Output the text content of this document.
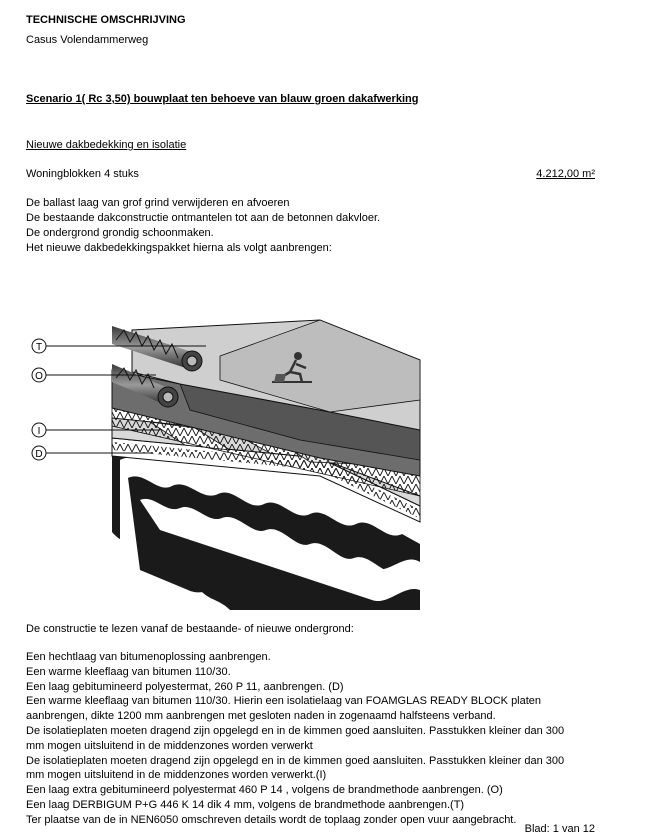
TECHNISCHE OMSCHRIJVING
Casus Volendammerweg
Scenario 1( Rc 3,50) bouwplaat ten behoeve van blauw groen dakafwerking
Nieuwe dakbedekking en isolatie
Woningblokken 4 stuks	4.212,00 m²
De ballast laag van grof grind verwijderen en afvoeren
De bestaande dakconstructie ontmantelen tot aan de betonnen dakvloer.
De ondergrond grondig schoonmaken.
Het nieuwe dakbedekkingspakket hierna als volgt aanbrengen:
T
O
I
D
De constructie te lezen vanaf de bestaande- of nieuwe ondergrond:
Een hechtlaag van bitumenoplossing aanbrengen.
Een warme kleeflaag van bitumen 110/30.
Een laag gebitumineerd polyestermat, 260 P 11, aanbrengen. (D)
Een warme kleeflaag van bitumen 110/30. Hierin een isolatielaag van FOAMGLAS READY BLOCK platen
aanbrengen, dikte 1200 mm aanbrengen met gesloten naden in zogenaamd halfsteens verband.
De isolatieplaten moeten dragend zijn opgelegd en in de kimmen goed aansluiten. Passtukken kleiner dan 300
mm mogen uitsluitend in de middenzones worden verwerkt
De isolatieplaten moeten dragend zijn opgelegd en in de kimmen goed aansluiten. Passtukken kleiner dan 300
mm mogen uitsluitend in de middenzones worden verwerkt.(I)
Een laag extra gebitumineerd polyestermat 460 P 14 , volgens de brandmethode aanbrengen. (O)
Een laag DERBIGUM P+G 446 K 14 dik 4 mm, volgens de brandmethode aanbrengen.(T)
Ter plaatse van de in NEN6050 omschreven details wordt de toplaag zonder open vuur aangebracht.
Blad: 1 van 12
